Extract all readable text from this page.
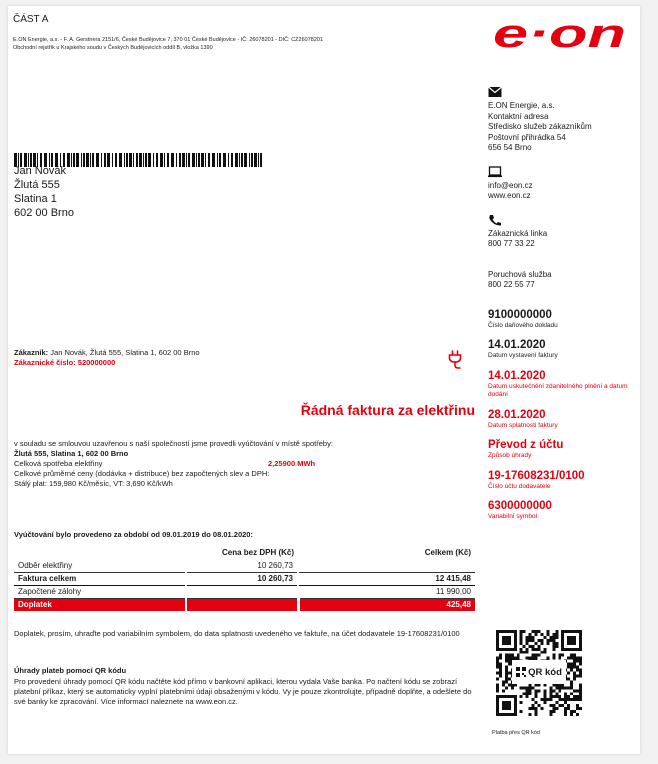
ČÁST A
E.ON Energie, a.s. - F. A. Gerstnera 2151/6, České Budějovice 7, 370 01 České Budějovice - IČ: 26078201 - DIČ: CZ26078201
Obchodní rejstřík u Krajského soudu v Českých Budějovicích oddíl B, vložka 1390	e·on
Jan Novák
Žlutá 555
Slatina 1
602 00 Brno
E.ON Energie, a.s.
Kontaktní adresa
Středisko služeb zákazníkům
Poštovní přihrádka 54
656 54 Brno
info@eon.cz
www.eon.cz
Zákaznická linka
800 77 33 22
Poruchová služba
800 22 55 77
9100000000
Číslo daňového dokladu
14.01.2020
Datum vystavení faktury
14.01.2020
Datum uskutečnění zdanitelného plnění a datum dodání
28.01.2020
Datum splatnosti faktury
Převod z účtu
Způsob úhrady
19-17608231/0100
Číslo účtu dodavatele
6300000000
Variabilní symbol
Zákazník: Jan Novák, Žlutá 555, Slatina 1, 602 00 Brno
Zákaznické číslo: 520000000
Řádná faktura za elektřinu
v souladu se smlouvou uzavřenou s naší společností jsme provedli vyúčtování v místě spotřeby:
Žlutá 555, Slatina 1, 602 00 Brno
Celková spotřeba elektřiny	2,25900 MWh
Celkové průměrné ceny (dodávka + distribuce) bez započtených slev a DPH:
Stálý plat: 159,980 Kč/měsíc, VT: 3,690 Kč/kWh
Vyúčtování bylo provedeno za období od 09.01.2019 do 08.01.2020:
	Cena bez DPH (Kč)	Celkem (Kč)
Odběr elektřiny	10 260,73	
Faktura celkem	10 260,73	12 415,48
Započtené zálohy		11 990,00
Doplatek		425,48
Doplatek, prosím, uhraďte pod variabilním symbolem, do data splatnosti uvedeného ve faktuře, na účet dodavatele 19-17608231/0100
Úhrady plateb pomocí QR kódu
Pro provedení úhrady pomocí QR kódu načtěte kód přímo v bankovní aplikaci, kterou vydala Vaše banka. Po načtení kódu se zobrazí platební příkaz, který se automaticky vyplní platebními údaji obsaženými v kódu. Vy je pouze zkontrolujte, případně doplňte, a odešlete do své banky ke zpracování. Více informací naleznete na www.eon.cz.
QR kód
Platba přes QR kód
